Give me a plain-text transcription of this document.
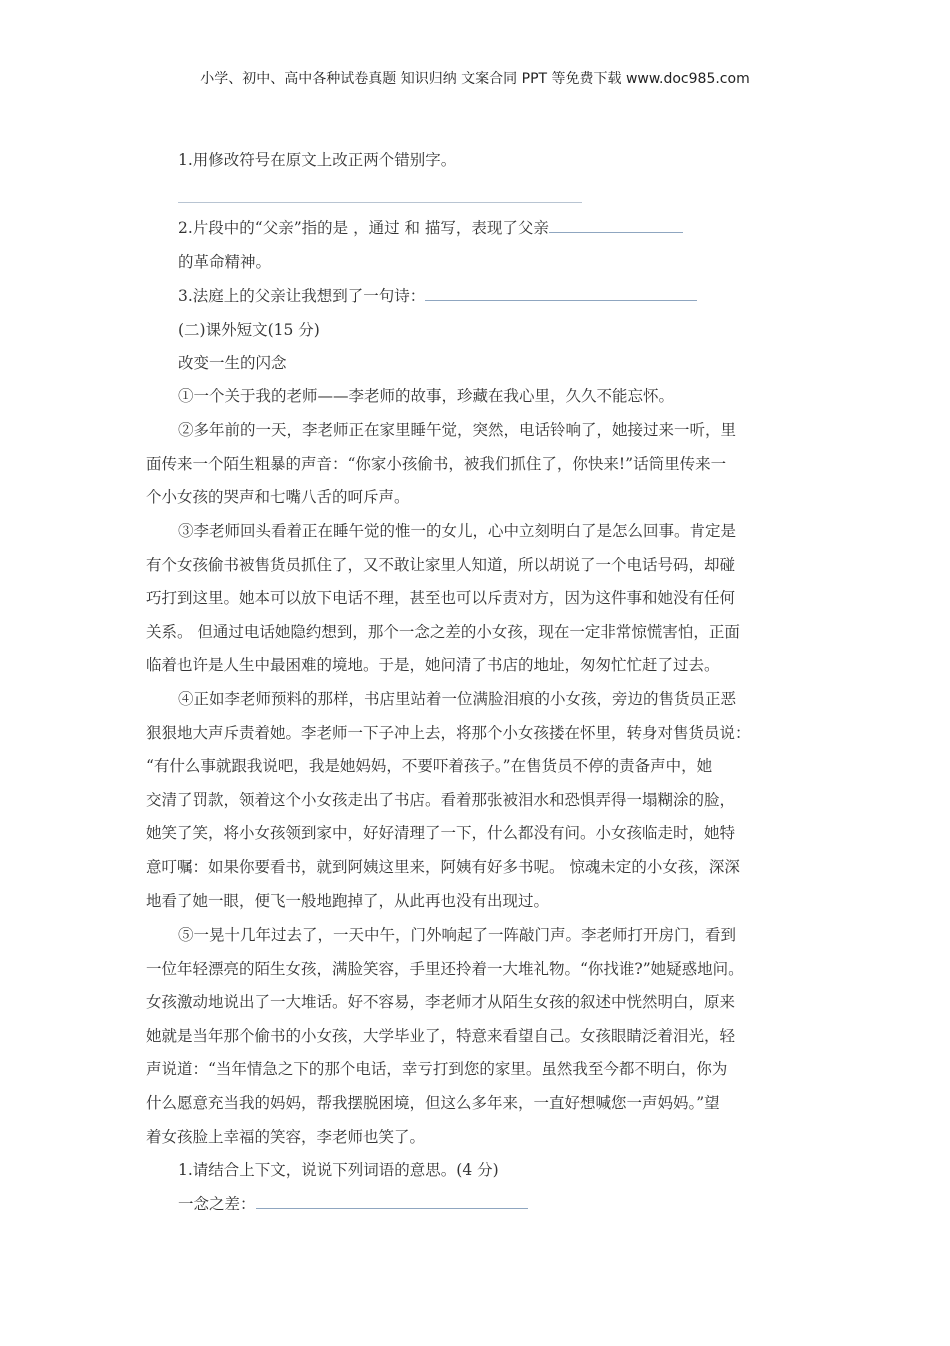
小学、初中、高中各种试卷真题 知识归纳 文案合同 PPT 等免费下载 www.doc985.com
1.用修改符号在原文上改正两个错别字。
2.片段中的“父亲”指的是 ，通过 和 描写，表现了父亲
的革命精神。
3.法庭上的父亲让我想到了一句诗：
(二)课外短文(15 分)
改变一生的闪念
①一个关于我的老师——李老师的故事，珍藏在我心里，久久不能忘怀。
②多年前的一天，李老师正在家里睡午觉，突然，电话铃响了，她接过来一听，里
面传来一个陌生粗暴的声音：“你家小孩偷书，被我们抓住了，你快来!”话筒里传来一
个小女孩的哭声和七嘴八舌的呵斥声。
③李老师回头看着正在睡午觉的惟一的女儿，心中立刻明白了是怎么回事。肯定是
有个女孩偷书被售货员抓住了，又不敢让家里人知道，所以胡说了一个电话号码，却碰
巧打到这里。她本可以放下电话不理，甚至也可以斥责对方，因为这件事和她没有任何
关系。 但通过电话她隐约想到，那个一念之差的小女孩，现在一定非常惊慌害怕，正面
临着也许是人生中最困难的境地。于是，她问清了书店的地址，匆匆忙忙赶了过去。
④正如李老师预料的那样，书店里站着一位满脸泪痕的小女孩，旁边的售货员正恶
狠狠地大声斥责着她。李老师一下子冲上去，将那个小女孩搂在怀里，转身对售货员说：
“有什么事就跟我说吧，我是她妈妈，不要吓着孩子。”在售货员不停的责备声中，她
交清了罚款，领着这个小女孩走出了书店。看着那张被泪水和恐惧弄得一塌糊涂的脸，
她笑了笑，将小女孩领到家中，好好清理了一下，什么都没有问。小女孩临走时，她特
意叮嘱：如果你要看书，就到阿姨这里来，阿姨有好多书呢。 惊魂未定的小女孩，深深
地看了她一眼，便飞一般地跑掉了，从此再也没有出现过。
⑤一晃十几年过去了，一天中午，门外响起了一阵敲门声。李老师打开房门，看到
一位年轻漂亮的陌生女孩，满脸笑容，手里还拎着一大堆礼物。“你找谁?”她疑惑地问。
女孩激动地说出了一大堆话。好不容易，李老师才从陌生女孩的叙述中恍然明白，原来
她就是当年那个偷书的小女孩，大学毕业了，特意来看望自己。女孩眼睛泛着泪光，轻
声说道：“当年情急之下的那个电话，幸亏打到您的家里。虽然我至今都不明白，你为
什么愿意充当我的妈妈，帮我摆脱困境，但这么多年来，一直好想喊您一声妈妈。”望
着女孩脸上幸福的笑容，李老师也笑了。
1.请结合上下文，说说下列词语的意思。(4 分)
一念之差：
